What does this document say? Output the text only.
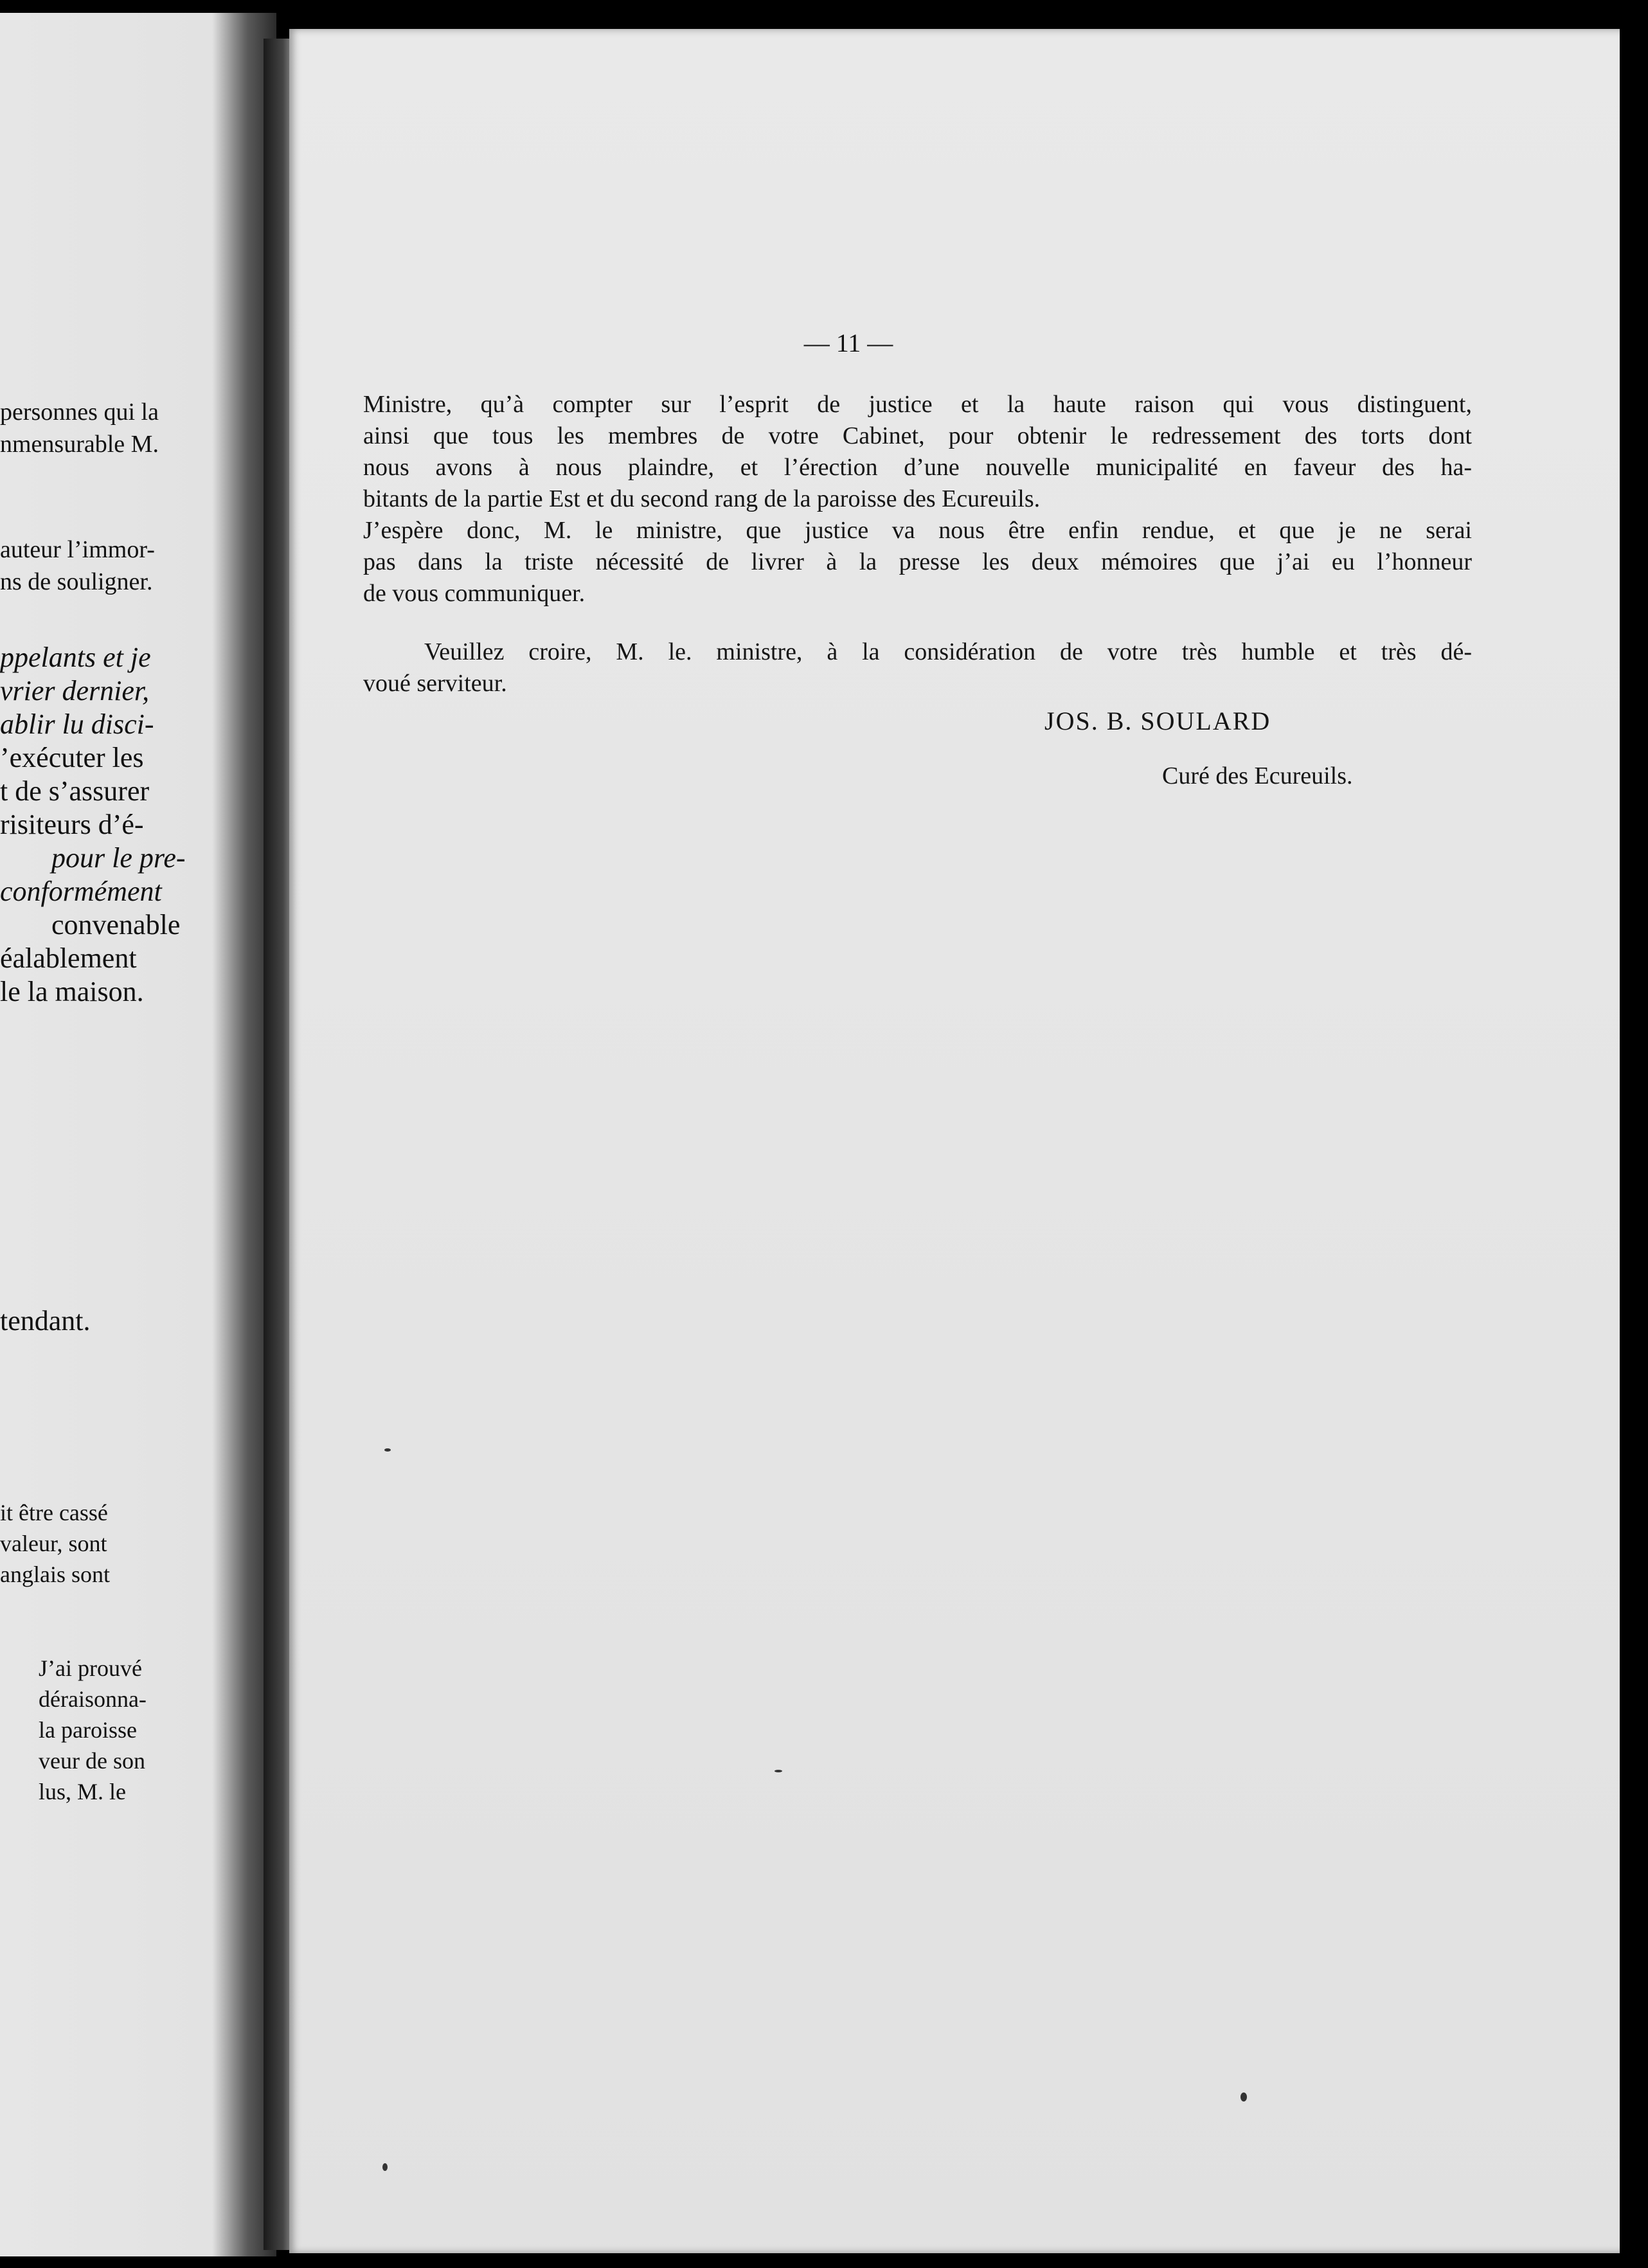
personnes qui la
nmensurable M.
auteur l’immor-
ns de souligner.
ppelants et je
vrier dernier,
ablir lu disci-
’exécuter les
t de s’assurer
risiteurs d’é-
pour le pre-
conformément
convenable
éalablement
le la maison.
tendant.
it être cassé
valeur, sont
anglais sont
J’ai prouvé
déraisonna-
la paroisse
veur de son
lus, M. le
— 11 —
Ministre, qu’à compter sur l’esprit de justice et la haute raison qui vous distinguent,
ainsi que tous les membres de votre Cabinet, pour obtenir le redressement des torts dont
nous avons à nous plaindre, et l’érection d’une nouvelle municipalité en faveur des ha-
bitants de la partie Est et du second rang de la paroisse des Ecureuils.
J’espère donc, M. le ministre, que justice va nous être enfin rendue, et que je ne serai
pas dans la triste nécessité de livrer à la presse les deux mémoires que j’ai eu l’honneur
de vous communiquer.
Veuillez croire, M. le. ministre, à la considération de votre très humble et très dé-
voué serviteur.
JOS. B. SOULARD
Curé des Ecureuils.
